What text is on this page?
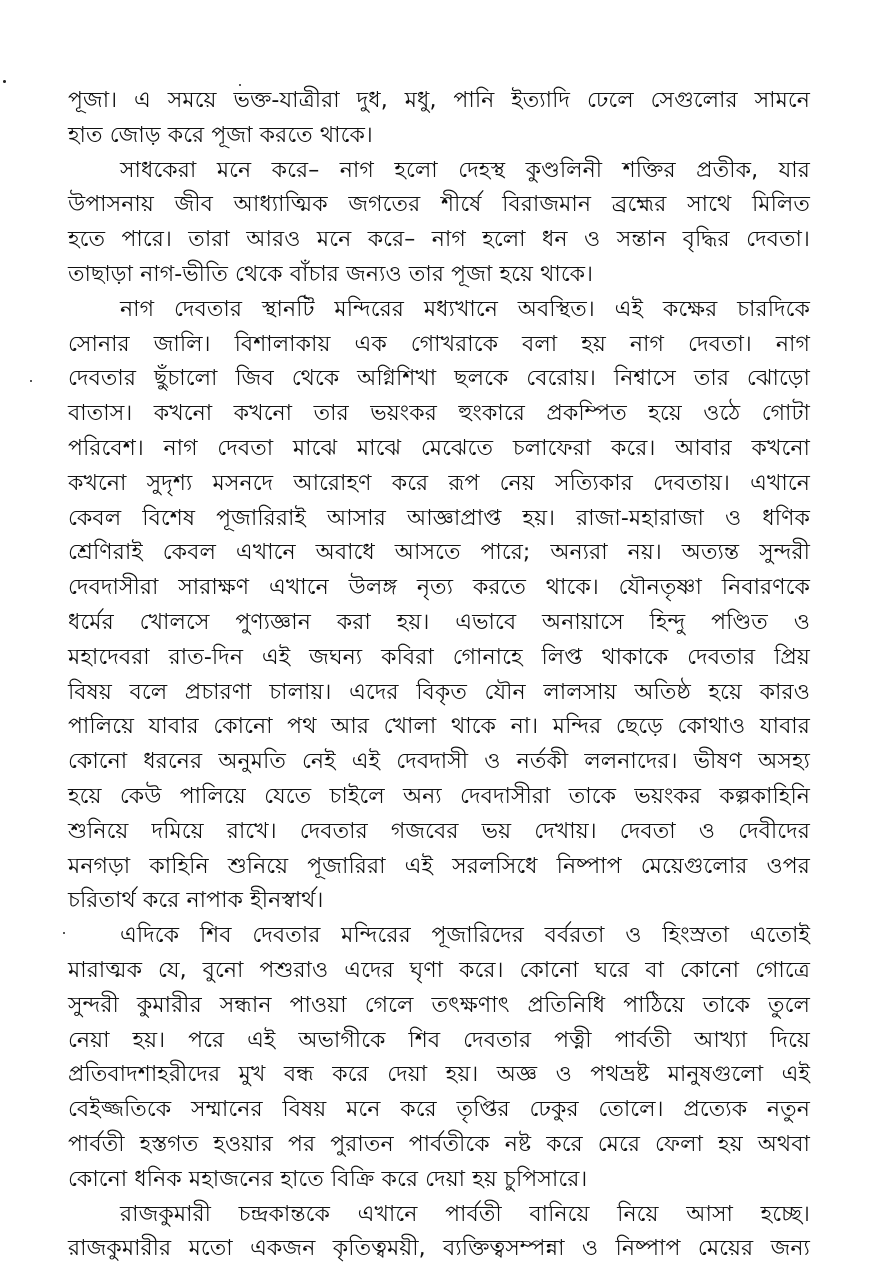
পূজা। এ সময়ে ভক্ত-যাত্রীরা দুধ, মধু, পানি ইত্যাদি ঢেলে সেগুলোর সামনে
হাত জোড় করে পূজা করতে থাকে।
সাধকেরা মনে করে– নাগ হলো দেহস্থ কুণ্ডলিনী শক্তির প্রতীক, যার
উপাসনায় জীব আধ্যাত্মিক জগতের শীর্ষে বিরাজমান ব্রহ্মের সাথে মিলিত
হতে পারে। তারা আরও মনে করে– নাগ হলো ধন ও সন্তান বৃদ্ধির দেবতা।
তাছাড়া নাগ-ভীতি থেকে বাঁচার জন্যও তার পূজা হয়ে থাকে।
নাগ দেবতার স্থানটি মন্দিরের মধ্যখানে অবস্থিত। এই কক্ষের চারদিকে
সোনার জালি। বিশালাকায় এক গোখরাকে বলা হয় নাগ দেবতা। নাগ
দেবতার ছুঁচালো জিব থেকে অগ্নিশিখা ছলকে বেরোয়। নিশ্বাসে তার ঝোড়ো
বাতাস। কখনো কখনো তার ভয়ংকর হুংকারে প্রকম্পিত হয়ে ওঠে গোটা
পরিবেশ। নাগ দেবতা মাঝে মাঝে মেঝেতে চলাফেরা করে। আবার কখনো
কখনো সুদৃশ্য মসনদে আরোহণ করে রূপ নেয় সত্যিকার দেবতায়। এখানে
কেবল বিশেষ পূজারিরাই আসার আজ্ঞাপ্রাপ্ত হয়। রাজা-মহারাজা ও ধণিক
শ্রেণিরাই কেবল এখানে অবাধে আসতে পারে; অন্যরা নয়। অত্যন্ত সুন্দরী
দেবদাসীরা সারাক্ষণ এখানে উলঙ্গ নৃত্য করতে থাকে। যৌনতৃষ্ণা নিবারণকে
ধর্মের খোলসে পুণ্যজ্ঞান করা হয়। এভাবে অনায়াসে হিন্দু পণ্ডিত ও
মহাদেবরা রাত-দিন এই জঘন্য কবিরা গোনাহে লিপ্ত থাকাকে দেবতার প্রিয়
বিষয় বলে প্রচারণা চালায়। এদের বিকৃত যৌন লালসায় অতিষ্ঠ হয়ে কারও
পালিয়ে যাবার কোনো পথ আর খোলা থাকে না। মন্দির ছেড়ে কোথাও যাবার
কোনো ধরনের অনুমতি নেই এই দেবদাসী ও নর্তকী ললনাদের। ভীষণ অসহ্য
হয়ে কেউ পালিয়ে যেতে চাইলে অন্য দেবদাসীরা তাকে ভয়ংকর কল্পকাহিনি
শুনিয়ে দমিয়ে রাখে। দেবতার গজবের ভয় দেখায়। দেবতা ও দেবীদের
মনগড়া কাহিনি শুনিয়ে পূজারিরা এই সরলসিধে নিষ্পাপ মেয়েগুলোর ওপর
চরিতার্থ করে নাপাক হীনস্বার্থ।
এদিকে শিব দেবতার মন্দিরের পূজারিদের বর্বরতা ও হিংস্রতা এতোই
মারাত্মক যে, বুনো পশুরাও এদের ঘৃণা করে। কোনো ঘরে বা কোনো গোত্রে
সুন্দরী কুমারীর সন্ধান পাওয়া গেলে তৎক্ষণাৎ প্রতিনিধি পাঠিয়ে তাকে তুলে
নেয়া হয়। পরে এই অভাগীকে শিব দেবতার পত্নী পার্বতী আখ্যা দিয়ে
প্রতিবাদশাহরীদের মুখ বন্ধ করে দেয়া হয়। অজ্ঞ ও পথভ্রষ্ট মানুষগুলো এই
বেইজ্জতিকে সম্মানের বিষয় মনে করে তৃপ্তির ঢেকুর তোলে। প্রত্যেক নতুন
পার্বতী হস্তগত হওয়ার পর পুরাতন পার্বতীকে নষ্ট করে মেরে ফেলা হয় অথবা
কোনো ধনিক মহাজনের হাতে বিক্রি করে দেয়া হয় চুপিসারে।
রাজকুমারী চন্দ্রকান্তকে এখানে পার্বতী বানিয়ে নিয়ে আসা হচ্ছে।
রাজকুমারীর মতো একজন কৃতিত্বময়ী, ব্যক্তিত্বসম্পন্না ও নিষ্পাপ মেয়ের জন্য
